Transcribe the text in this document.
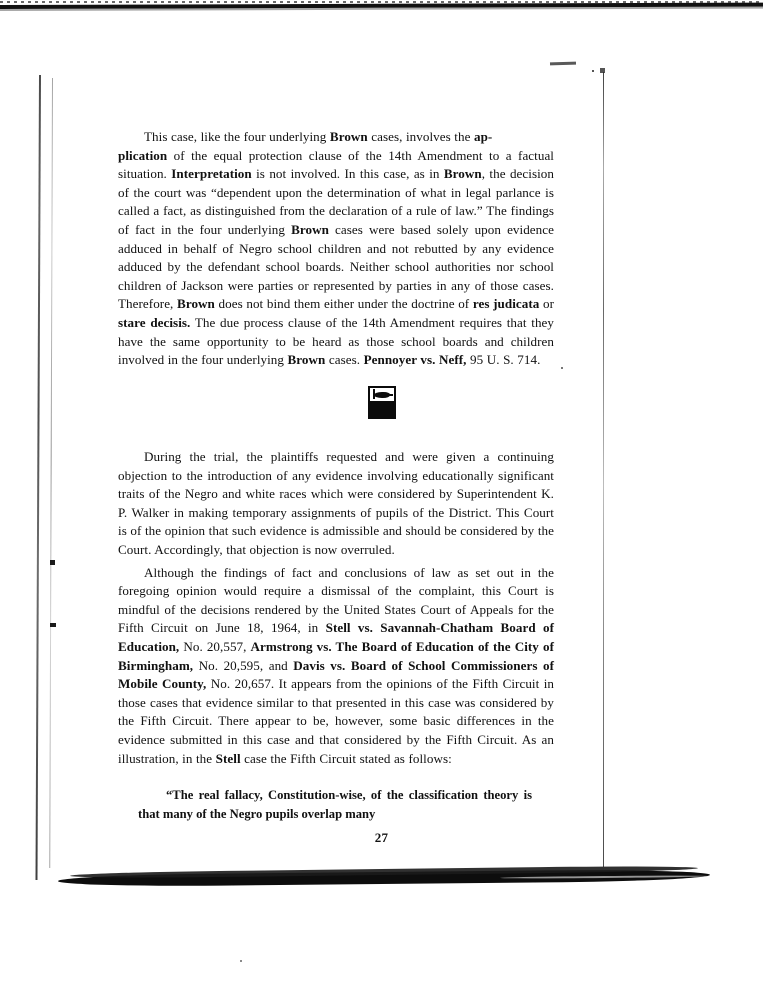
This case, like the four underlying Brown cases, involves the ap-
plication of the equal protection clause of the 14th Amendment to a factual situation. Interpretation is not involved. In this case, as in Brown, the decision of the court was “dependent upon the determination of what in legal parlance is called a fact, as distinguished from the declaration of a rule of law.” The findings of fact in the four underlying Brown cases were based solely upon evidence adduced in behalf of Negro school children and not rebutted by any evidence adduced by the defendant school boards. Neither school authorities nor school children of Jackson were parties or represented by parties in any of those cases. Therefore, Brown does not bind them either under the doctrine of res judicata or stare decisis. The due process clause of the 14th Amendment requires that they have the same opportunity to be heard as those school boards and children involved in the four underlying Brown cases. Pennoyer vs. Neff, 95 U. S. 714.

During the trial, the plaintiffs requested and were given a continuing objection to the introduction of any evidence involving educationally significant traits of the Negro and white races which were considered by Superintendent K. P. Walker in making temporary assignments of pupils of the District. This Court is of the opinion that such evidence is admissible and should be considered by the Court. Accordingly, that objection is now overruled.

Although the findings of fact and conclusions of law as set out in the foregoing opinion would require a dismissal of the complaint, this Court is mindful of the decisions rendered by the United States Court of Appeals for the Fifth Circuit on June 18, 1964, in Stell vs. Savannah-Chatham Board of Education, No. 20,557, Armstrong vs. The Board of Education of the City of Birmingham, No. 20,595, and Davis vs. Board of School Commissioners of Mobile County, No. 20,657. It appears from the opinions of the Fifth Circuit in those cases that evidence similar to that presented in this case was considered by the Fifth Circuit. There appear to be, however, some basic differences in the evidence submitted in this case and that considered by the Fifth Circuit. As an illustration, in the Stell case the Fifth Circuit stated as follows:

“The real fallacy, Constitution-wise, of the classification theory is that many of the Negro pupils overlap many

27
